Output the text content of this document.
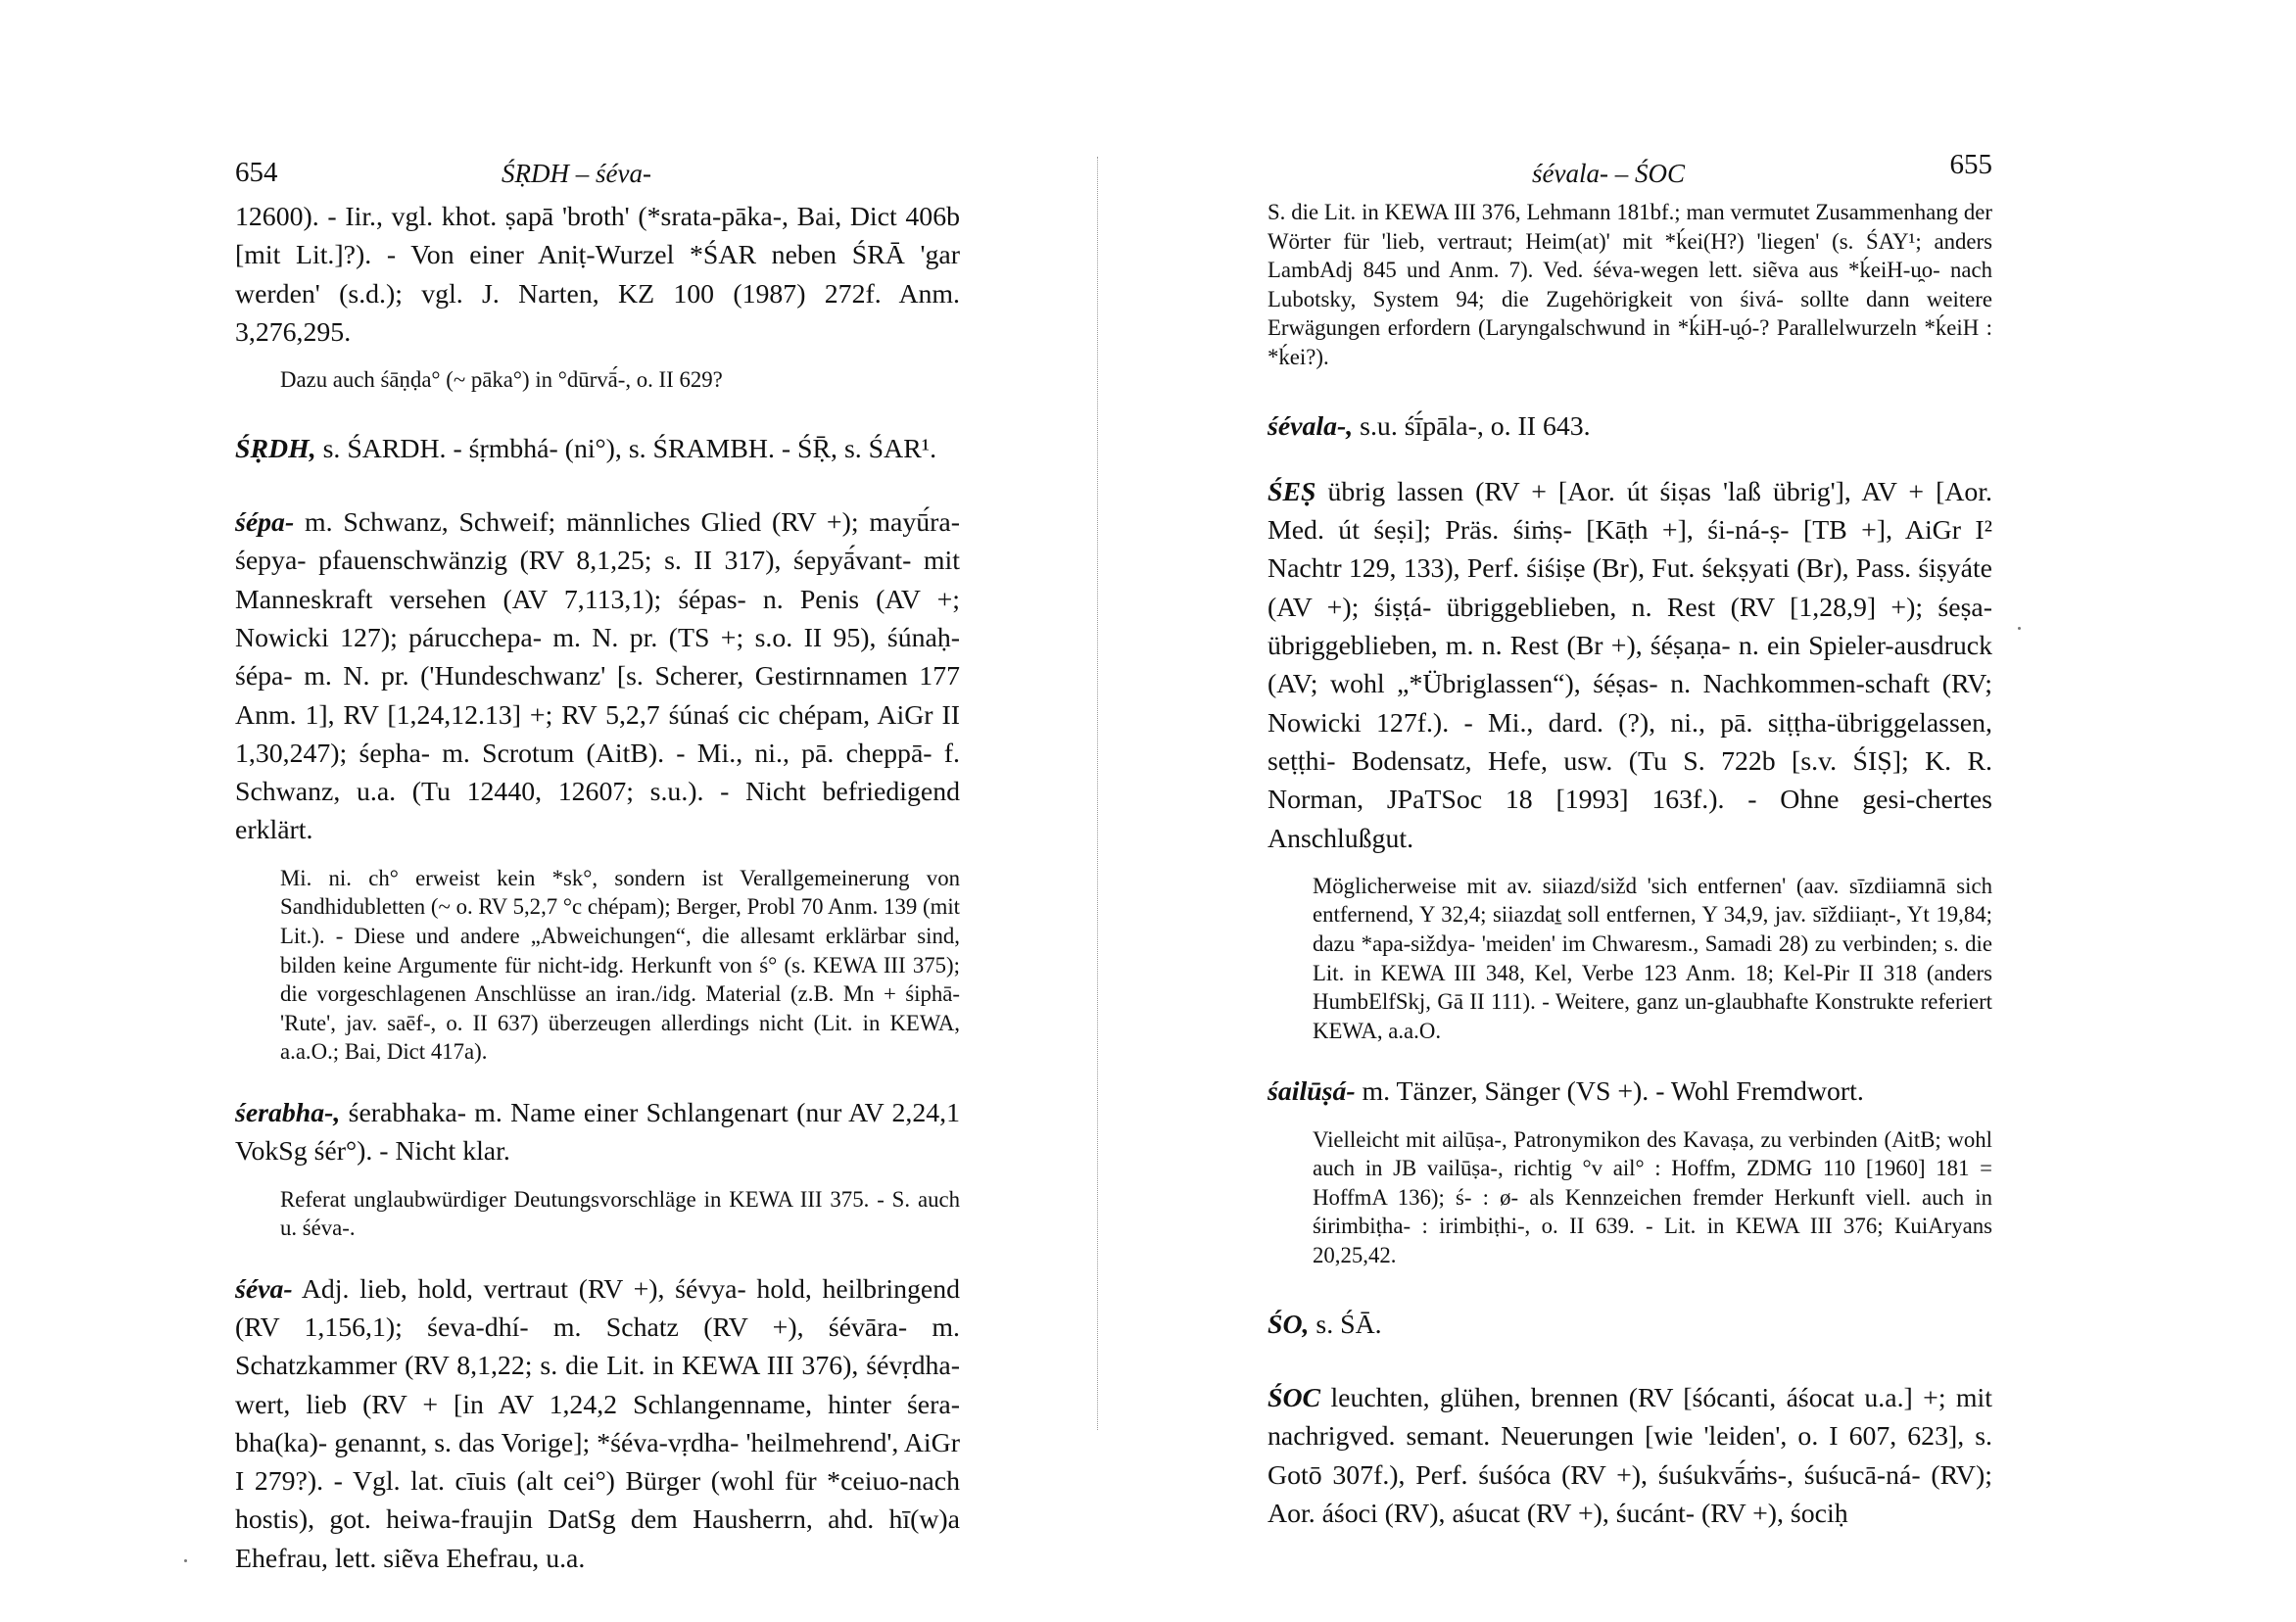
654	ŚṚDH – śéva-

12600). - Iir., vgl. khot. ṣapā 'broth' (*srata-pāka-, Bai, Dict 406b [mit Lit.]?). - Von einer Aniṭ-Wurzel *ŚAR neben ŚRĀ 'gar werden' (s.d.); vgl. J. Narten, KZ 100 (1987) 272f. Anm. 3,276,295.

Dazu auch śāṇḍa° (~ pāka°) in °dūrvā́-, o. II 629?

ŚṚDH, s. ŚARDH. - śṛmbhá- (ni°), s. ŚRAMBH. - ŚṜ, s. ŚAR¹.

śépa- m. Schwanz, Schweif; männliches Glied (RV +); mayū́ra-śepya- pfauenschwänzig (RV 8,1,25; s. II 317), śepyā́vant- mit Manneskraft versehen (AV 7,113,1); śépas- n. Penis (AV +; Nowicki 127); párucchepa- m. N. pr. (TS +; s.o. II 95), śúnaḥ-śépa- m. N. pr. ('Hundeschwanz' [s. Scherer, Gestirnnamen 177 Anm. 1], RV [1,24,12.13] +; RV 5,2,7 śúnaś cic chépam, AiGr II 1,30,247); śepha- m. Scrotum (AitB). - Mi., ni., pā. cheppā- f. Schwanz, u.a. (Tu 12440, 12607; s.u.). - Nicht befriedigend erklärt.

Mi. ni. ch° erweist kein *sk°, sondern ist Verallgemeinerung von Sandhidubletten (~ o. RV 5,2,7 °c chépam); Berger, Probl 70 Anm. 139 (mit Lit.). - Diese und andere „Abweichungen“, die allesamt erklärbar sind, bilden keine Argumente für nicht-idg. Herkunft von ś° (s. KEWA III 375); die vorgeschlagenen Anschlüsse an iran./idg. Material (z.B. Mn + śiphā- 'Rute', jav. saēf-, o. II 637) überzeugen allerdings nicht (Lit. in KEWA, a.a.O.; Bai, Dict 417a).

śerabha-, śerabhaka- m. Name einer Schlangenart (nur AV 2,24,1 VokSg śér°). - Nicht klar.

Referat unglaubwürdiger Deutungsvorschläge in KEWA III 375. - S. auch u. śéva-.

śéva- Adj. lieb, hold, vertraut (RV +), śévya- hold, heilbringend (RV 1,156,1); śeva-dhí- m. Schatz (RV +), śévāra- m. Schatzkammer (RV 8,1,22; s. die Lit. in KEWA III 376), śévṛdha-wert, lieb (RV + [in AV 1,24,2 Schlangenname, hinter śera-bha(ka)- genannt, s. das Vorige]; *śéva-vṛdha- 'heilmehrend', AiGr I 279?). - Vgl. lat. cīuis (alt cei°) Bürger (wohl für *ceiuo-nach hostis), got. heiwa-fraujin DatSg dem Hausherrn, ahd. hī(w)a Ehefrau, lett. siẽva Ehefrau, u.a.

śévala- – ŚOC	655

S. die Lit. in KEWA III 376, Lehmann 181bf.; man vermutet Zusammenhang der Wörter für 'lieb, vertraut; Heim(at)' mit *ḱei(H?) 'liegen' (s. ŚAY¹; anders LambAdj 845 und Anm. 7). Ved. śéva-wegen lett. siẽva aus *ḱeiH-u̯o- nach Lubotsky, System 94; die Zugehörigkeit von śivá- sollte dann weitere Erwägungen erfordern (Laryngalschwund in *ḱiH-u̯ó-? Parallelwurzeln *ḱeiH : *ḱei?).

śévala-, s.u. śī́pāla-, o. II 643.

ŚEṢ übrig lassen (RV + [Aor. út śiṣas 'laß übrig'], AV + [Aor. Med. út śeṣi]; Präs. śiṁṣ- [Kāṭh +], śi-ná-ṣ- [TB +], AiGr I² Nachtr 129, 133), Perf. śiśiṣe (Br), Fut. śekṣyati (Br), Pass. śiṣyáte (AV +); śiṣṭá- übriggeblieben, n. Rest (RV [1,28,9] +); śeṣa- übriggeblieben, m. n. Rest (Br +), śéṣaṇa- n. ein Spieler-ausdruck (AV; wohl „*Übriglassen“), śéṣas- n. Nachkommen-schaft (RV; Nowicki 127f.). - Mi., dard. (?), ni., pā. siṭṭha-übriggelassen, seṭṭhi- Bodensatz, Hefe, usw. (Tu S. 722b [s.v. ŚIṢ]; K. R. Norman, JPaTSoc 18 [1993] 163f.). - Ohne gesi-chertes Anschlußgut.

Möglicherweise mit av. siiazd/sižd 'sich entfernen' (aav. sīzdiiamnā sich entfernend, Y 32,4; siiazdaṯ soll entfernen, Y 34,9, jav. sīždiiaṇt-, Yt 19,84; dazu *apa-siždya- 'meiden' im Chwaresm., Samadi 28) zu verbinden; s. die Lit. in KEWA III 348, Kel, Verbe 123 Anm. 18; Kel-Pir II 318 (anders HumbElfSkj, Gā II 111). - Weitere, ganz un-glaubhafte Konstrukte referiert KEWA, a.a.O.

śailūṣá- m. Tänzer, Sänger (VS +). - Wohl Fremdwort.

Vielleicht mit ailūṣa-, Patronymikon des Kavaṣa, zu verbinden (AitB; wohl auch in JB vailūṣa-, richtig °v ail° : Hoffm, ZDMG 110 [1960] 181 = HoffmA 136); ś- : ø- als Kennzeichen fremder Herkunft viell. auch in śirimbiṭha- : irimbiṭhi-, o. II 639. - Lit. in KEWA III 376; KuiAryans 20,25,42.

ŚO, s. ŚĀ.

ŚOC leuchten, glühen, brennen (RV [śócanti, áśocat u.a.] +; mit nachrigved. semant. Neuerungen [wie 'leiden', o. I 607, 623], s. Gotō 307f.), Perf. śuśóca (RV +), śuśukvā́ṁs-, śuśucā-ná- (RV); Aor. áśoci (RV), aśucat (RV +), śucánt- (RV +), śociḥ
